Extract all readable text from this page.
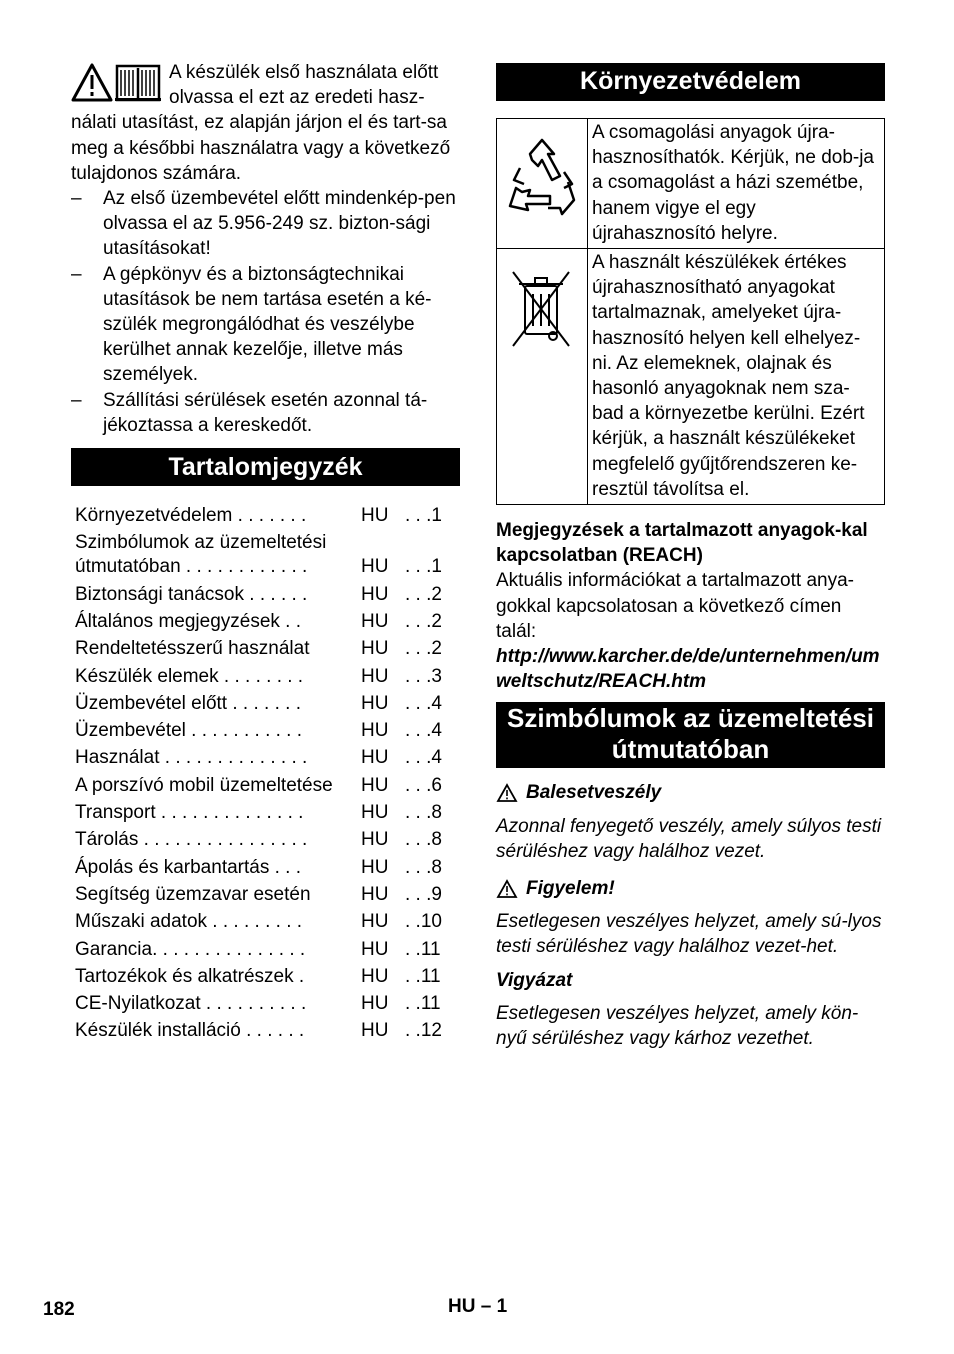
A készülék első használata előtt olvassa el ezt az eredeti hasz-nálati utasítást, ez alapján járjon el és tart-sa meg a későbbi használatra vagy a következő tulajdonos számára.

– Az első üzembevétel előtt mindenkép-pen olvassa el az 5.956-249 sz. bizton-sági utasításokat!
– A gépkönyv és a biztonságtechnikai utasítások be nem tartása esetén a ké-szülék megrongálódhat és veszélybe kerülhet annak kezelője, illetve más személyek.
– Szállítási sérülések esetén azonnal tá-jékoztassa a kereskedőt.
Tartalomjegyzék
Környezetvédelem . . . . . . .	HU . . .1
Szimbólumok az üzemeltetési útmutatóban . . . . . . . . . . . .	HU . . .1
Biztonsági tanácsok . . . . . .	HU . . .2
Általános megjegyzések . .	HU . . .2
Rendeltetésszerű használat	HU . . .2
Készülék elemek . . . . . . . .	HU . . .3
Üzembevétel előtt . . . . . . .	HU . . .4
Üzembevétel . . . . . . . . . . .	HU . . .4
Használat . . . . . . . . . . . . . .	HU . . .4
A porszívó mobil üzemeltetése	HU . . .6
Transport . . . . . . . . . . . . . .	HU . . .8
Tárolás . . . . . . . . . . . . . . . .	HU . . .8
Ápolás és karbantartás . . .	HU . . .8
Segítség üzemzavar esetén	HU . . .9
Műszaki adatok . . . . . . . . .	HU . .10
Garancia. . . . . . . . . . . . . . .	HU . .11
Tartozékok és alkatrészek .	HU . .11
CE-Nyilatkozat . . . . . . . . . .	HU . .11
Készülék installáció . . . . . .	HU . .12
Környezetvédelem
	A csomagolási anyagok újra-hasznosíthatók. Kérjük, ne dob-ja a csomagolást a házi szemétbe, hanem vigye el egy újrahasznosító helyre.
	A használt készülékek értékes újrahasznosítható anyagokat tartalmaznak, amelyeket újra-hasznosító helyen kell elhelyez-ni. Az elemeknek, olajnak és hasonló anyagoknak nem sza-bad a környezetbe kerülni. Ezért kérjük, a használt készülékeket megfelelő gyűjtőrendszeren ke-resztül távolítsa el.

Megjegyzések a tartalmazott anyagok-kal kapcsolatban (REACH)

Aktuális információkat a tartalmazott anya-gokkal kapcsolatosan a következő címen talál:

http://www.karcher.de/de/unternehmen/umweltschutz/REACH.htm

Szimbólumok az üzemeltetési útmutatóban
Balesetveszély

Azonnal fenyegető veszély, amely súlyos testi sérüléshez vagy halálhoz vezet.

Figyelem!

Esetlegesen veszélyes helyzet, amely sú-lyos testi sérüléshez vagy halálhoz vezet-het.

Vigyázat

Esetlegesen veszélyes helyzet, amely kön-nyű sérüléshez vagy kárhoz vezethet.

182	HU – 1
